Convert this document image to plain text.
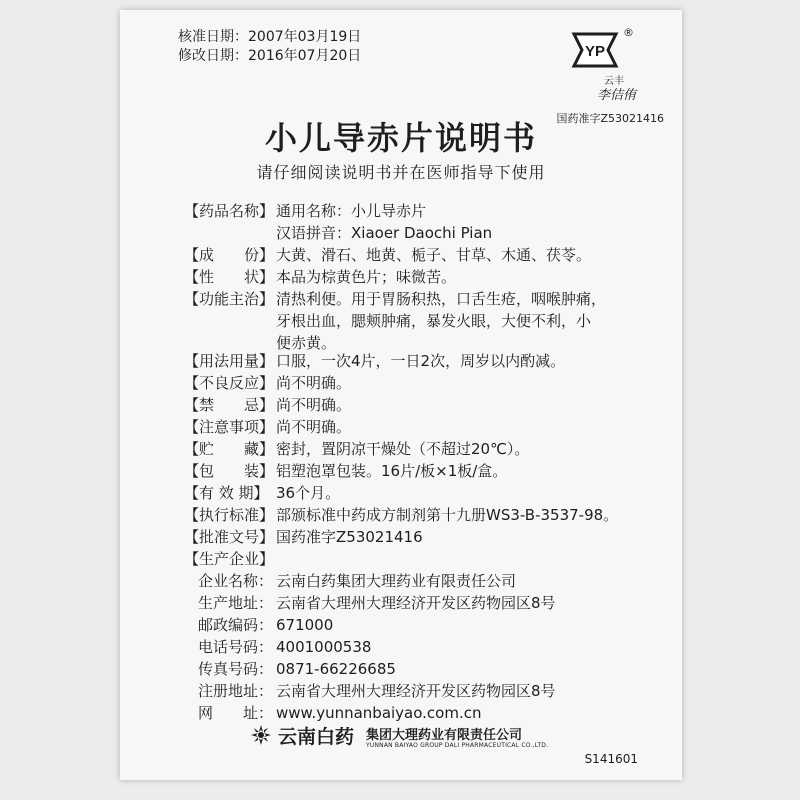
核准日期：2007年03月19日
修改日期：2016年07月20日	YP
®
云丰
李佶侑
国药准字Z53021416
小儿导赤片说明书
请仔细阅读说明书并在医师指导下使用
【药品名称】 通用名称：小儿导赤片
汉语拼音：Xiaoer Daochi Pian
【成　　份】 大黄、滑石、地黄、栀子、甘草、木通、茯苓。
【性　　状】 本品为棕黄色片；味微苦。
【功能主治】 清热利便。用于胃肠积热，口舌生疮，咽喉肿痛，
牙根出血，腮颊肿痛，暴发火眼，大便不利，小
便赤黄。
【用法用量】 口服，一次4片，一日2次，周岁以内酌减。
【不良反应】 尚不明确。
【禁　　忌】 尚不明确。
【注意事项】 尚不明确。
【贮　　藏】 密封，置阴凉干燥处（不超过20℃）。
【包　　装】 铝塑泡罩包装。16片/板×1板/盒。
【有 效 期】 36个月。
【执行标准】 部颁标准中药成方制剂第十九册WS3-B-3537-98。
【批准文号】 国药准字Z53021416
【生产企业】
企业名称： 云南白药集团大理药业有限责任公司
生产地址： 云南省大理州大理经济开发区药物园区8号
邮政编码： 671000
电话号码： 4001000538
传真号码： 0871-66226685
注册地址： 云南省大理州大理经济开发区药物园区8号
网　　址： www.yunnanbaiyao.com.cn
云南白药 集团大理药业有限责任公司
YUNNAN BAIYAO GROUP DALI PHARMACEUTICAL CO.,LTD.
S141601
